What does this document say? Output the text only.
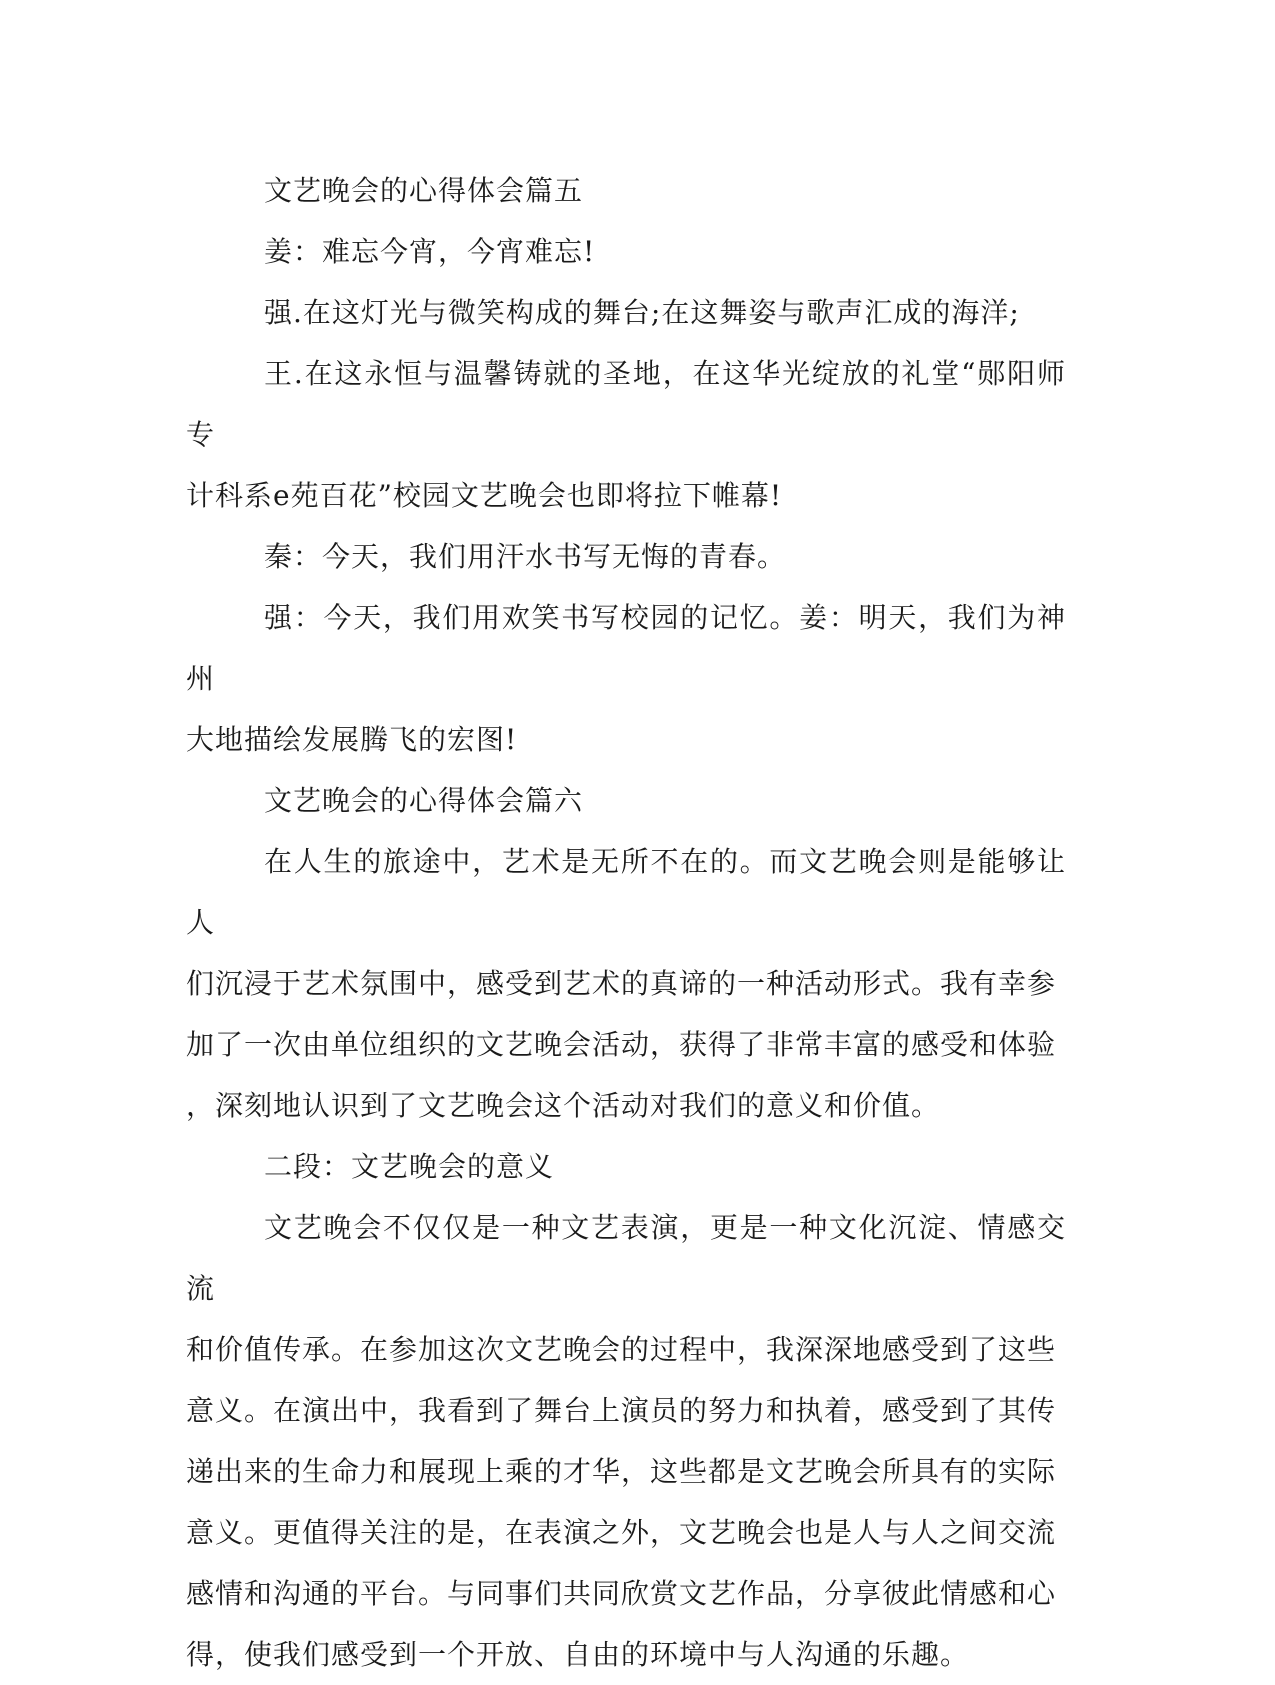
文艺晚会的心得体会篇五

姜：难忘今宵，今宵难忘!

强.在这灯光与微笑构成的舞台;在这舞姿与歌声汇成的海洋;

王.在这永恒与温馨铸就的圣地，在这华光绽放的礼堂“郧阳师专
计科系e苑百花”校园文艺晚会也即将拉下帷幕!

秦：今天，我们用汗水书写无悔的青春。

强：今天，我们用欢笑书写校园的记忆。姜：明天，我们为神州
大地描绘发展腾飞的宏图!

文艺晚会的心得体会篇六

在人生的旅途中，艺术是无所不在的。而文艺晚会则是能够让人
们沉浸于艺术氛围中，感受到艺术的真谛的一种活动形式。我有幸参
加了一次由单位组织的文艺晚会活动，获得了非常丰富的感受和体验
，深刻地认识到了文艺晚会这个活动对我们的意义和价值。

二段：文艺晚会的意义

文艺晚会不仅仅是一种文艺表演，更是一种文化沉淀、情感交流
和价值传承。在参加这次文艺晚会的过程中，我深深地感受到了这些
意义。在演出中，我看到了舞台上演员的努力和执着，感受到了其传
递出来的生命力和展现上乘的才华，这些都是文艺晚会所具有的实际
意义。更值得关注的是，在表演之外，文艺晚会也是人与人之间交流
感情和沟通的平台。与同事们共同欣赏文艺作品，分享彼此情感和心
得，使我们感受到一个开放、自由的环境中与人沟通的乐趣。
